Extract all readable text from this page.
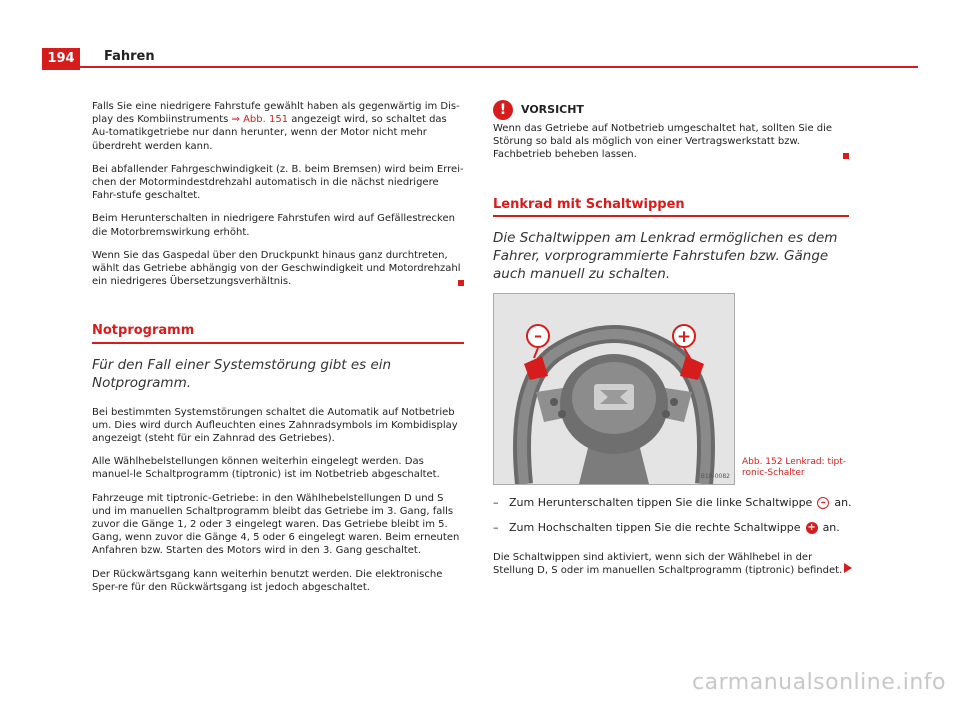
194	Fahren

Falls Sie eine niedrigere Fahrstufe gewählt haben als gegenwärtig im Dis-play des Kombiinstruments ⇒ Abb. 151 angezeigt wird, so schaltet das Au-tomatikgetriebe nur dann herunter, wenn der Motor nicht mehr überdreht werden kann.

Bei abfallender Fahrgeschwindigkeit (z. B. beim Bremsen) wird beim Errei-chen der Motormindestdrehzahl automatisch in die nächst niedrigere Fahr-stufe geschaltet.

Beim Herunterschalten in niedrigere Fahrstufen wird auf Gefällestrecken die Motorbremswirkung erhöht.

Wenn Sie das Gaspedal über den Druckpunkt hinaus ganz durchtreten, wählt das Getriebe abhängig von der Geschwindigkeit und Motordrehzahl ein niedrigeres Übersetzungsverhältnis.

Notprogramm

Für den Fall einer Systemstörung gibt es ein Notprogramm.

Bei bestimmten Systemstörungen schaltet die Automatik auf Notbetrieb um. Dies wird durch Aufleuchten eines Zahnradsymbols im Kombidisplay angezeigt (steht für ein Zahnrad des Getriebes).

Alle Wählhebelstellungen können weiterhin eingelegt werden. Das manuel-le Schaltprogramm (tiptronic) ist im Notbetrieb abgeschaltet.

Fahrzeuge mit tiptronic-Getriebe: in den Wählhebelstellungen D und S und im manuellen Schaltprogramm bleibt das Getriebe im 3. Gang, falls zuvor die Gänge 1, 2 oder 3 eingelegt waren. Das Getriebe bleibt im 5. Gang, wenn zuvor die Gänge 4, 5 oder 6 eingelegt waren. Beim erneuten Anfahren bzw. Starten des Motors wird in den 3. Gang geschaltet.

Der Rückwärtsgang kann weiterhin benutzt werden. Die elektronische Sper-re für den Rückwärtsgang ist jedoch abgeschaltet.

!	VORSICHT

Wenn das Getriebe auf Notbetrieb umgeschaltet hat, sollten Sie die Störung so bald als möglich von einer Vertragswerkstatt bzw. Fachbetrieb beheben lassen.

Lenkrad mit Schaltwippen

Die Schaltwippen am Lenkrad ermöglichen es dem Fahrer, vorprogrammierte Fahrstufen bzw. Gänge auch manuell zu schalten.

–	+
B1R-0082
Abb. 152 Lenkrad: tipt-ronic-Schalter
– Zum Herunterschalten tippen Sie die linke Schaltwippe – an.
– Zum Hochschalten tippen Sie die rechte Schaltwippe + an.
Die Schaltwippen sind aktiviert, wenn sich der Wählhebel in der Stellung D, S oder im manuellen Schaltprogramm (tiptronic) befindet.
carmanualsonline.info
